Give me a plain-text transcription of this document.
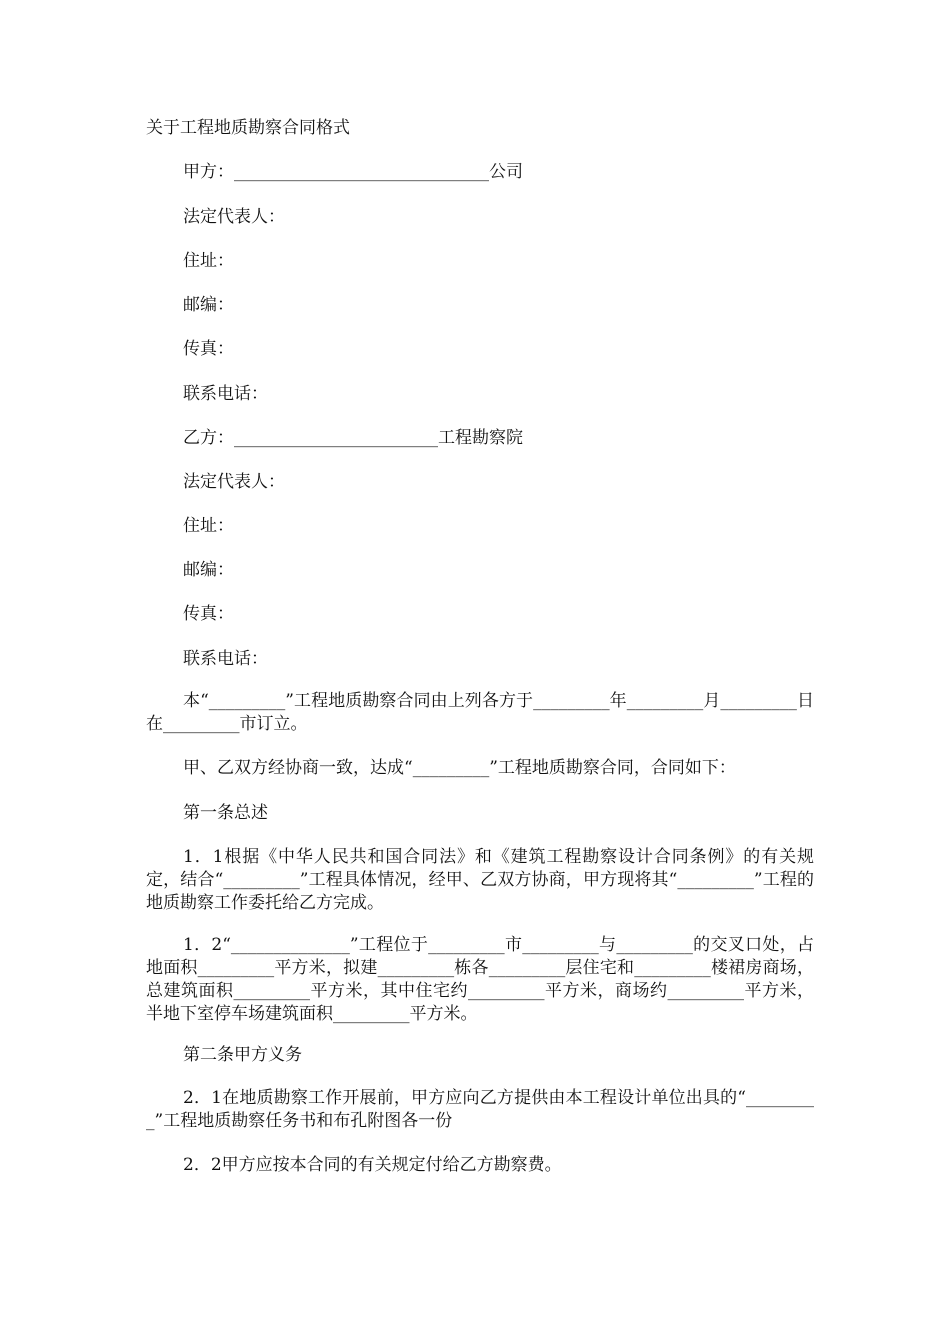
关于工程地质勘察合同格式
甲方：______________________________公司
法定代表人：
住址：
邮编：
传真：
联系电话：
乙方：________________________工程勘察院
法定代表人：
住址：
邮编：
传真：
联系电话：
本“_________”工程地质勘察合同由上列各方于_________年_________月_________日在_________市订立。
甲、乙双方经协商一致，达成“_________”工程地质勘察合同，合同如下：
第一条总述
1．1根据《中华人民共和国合同法》和《建筑工程勘察设计合同条例》的有关规定，结合“_________”工程具体情况，经甲、乙双方协商，甲方现将其“_________”工程的地质勘察工作委托给乙方完成。
1．2“______________”工程位于_________市_________与_________的交叉口处，占地面积_________平方米，拟建_________栋各_________层住宅和_________楼裙房商场，总建筑面积_________平方米，其中住宅约_________平方米，商场约_________平方米，半地下室停车场建筑面积_________平方米。
第二条甲方义务
2．1在地质勘察工作开展前，甲方应向乙方提供由本工程设计单位出具的“_________”工程地质勘察任务书和布孔附图各一份
2．2甲方应按本合同的有关规定付给乙方勘察费。
